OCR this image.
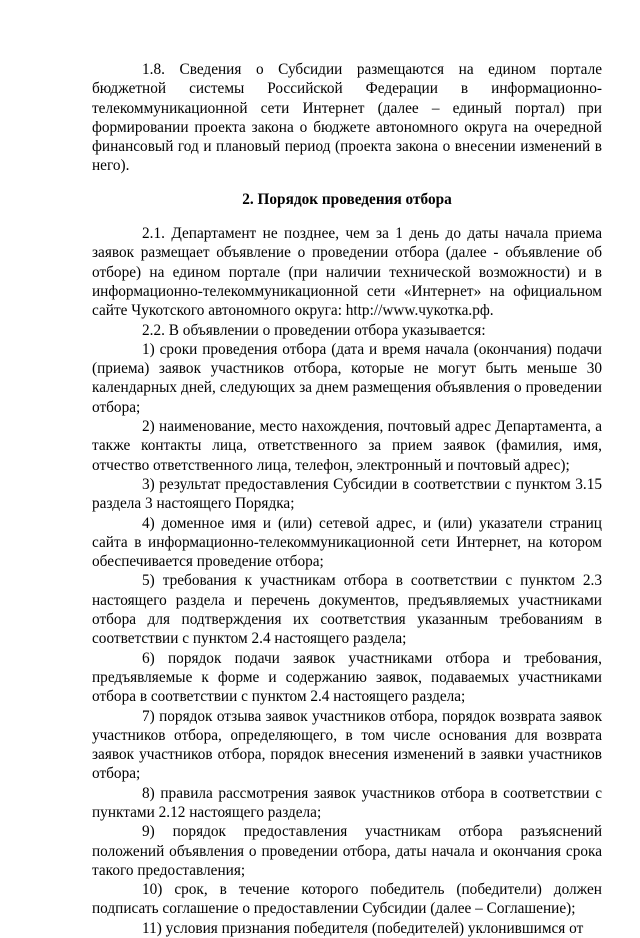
1.8. Сведения о Субсидии размещаются на едином портале бюджетной системы Российской Федерации в информационно-телекоммуникационной сети Интернет (далее – единый портал) при формировании проекта закона о бюджете автономного округа на очередной финансовый год и плановый период (проекта закона о внесении изменений в него).

2. Порядок проведения отбора

2.1. Департамент не позднее, чем за 1 день до даты начала приема заявок размещает объявление о проведении отбора (далее - объявление об отборе) на едином портале (при наличии технической возможности) и в информационно-телекоммуникационной сети «Интернет» на официальном сайте Чукотского автономного округа: http://www.чукотка.рф.

2.2. В объявлении о проведении отбора указывается:

1) сроки проведения отбора (дата и время начала (окончания) подачи (приема) заявок участников отбора, которые не могут быть меньше 30 календарных дней, следующих за днем размещения объявления о проведении отбора;

2) наименование, место нахождения, почтовый адрес Департамента, а также контакты лица, ответственного за прием заявок (фамилия, имя, отчество ответственного лица, телефон, электронный и почтовый адрес);

3) результат предоставления Субсидии в соответствии с пунктом 3.15 раздела 3 настоящего Порядка;

4) доменное имя и (или) сетевой адрес, и (или) указатели страниц сайта в информационно-телекоммуникационной сети Интернет, на котором обеспечивается проведение отбора;

5) требования к участникам отбора в соответствии с пунктом 2.3 настоящего раздела и перечень документов, предъявляемых участниками отбора для подтверждения их соответствия указанным требованиям в соответствии с пунктом 2.4 настоящего раздела;

6) порядок подачи заявок участниками отбора и требования, предъявляемые к форме и содержанию заявок, подаваемых участниками отбора в соответствии с пунктом 2.4 настоящего раздела;

7) порядок отзыва заявок участников отбора, порядок возврата заявок участников отбора, определяющего, в том числе основания для возврата заявок участников отбора, порядок внесения изменений в заявки участников отбора;

8) правила рассмотрения заявок участников отбора в соответствии с пунктами 2.12 настоящего раздела;

9) порядок предоставления участникам отбора разъяснений положений объявления о проведении отбора, даты начала и окончания срока такого предоставления;

10) срок, в течение которого победитель (победители) должен подписать соглашение о предоставлении Субсидии (далее – Соглашение);

11) условия признания победителя (победителей) уклонившимся от
